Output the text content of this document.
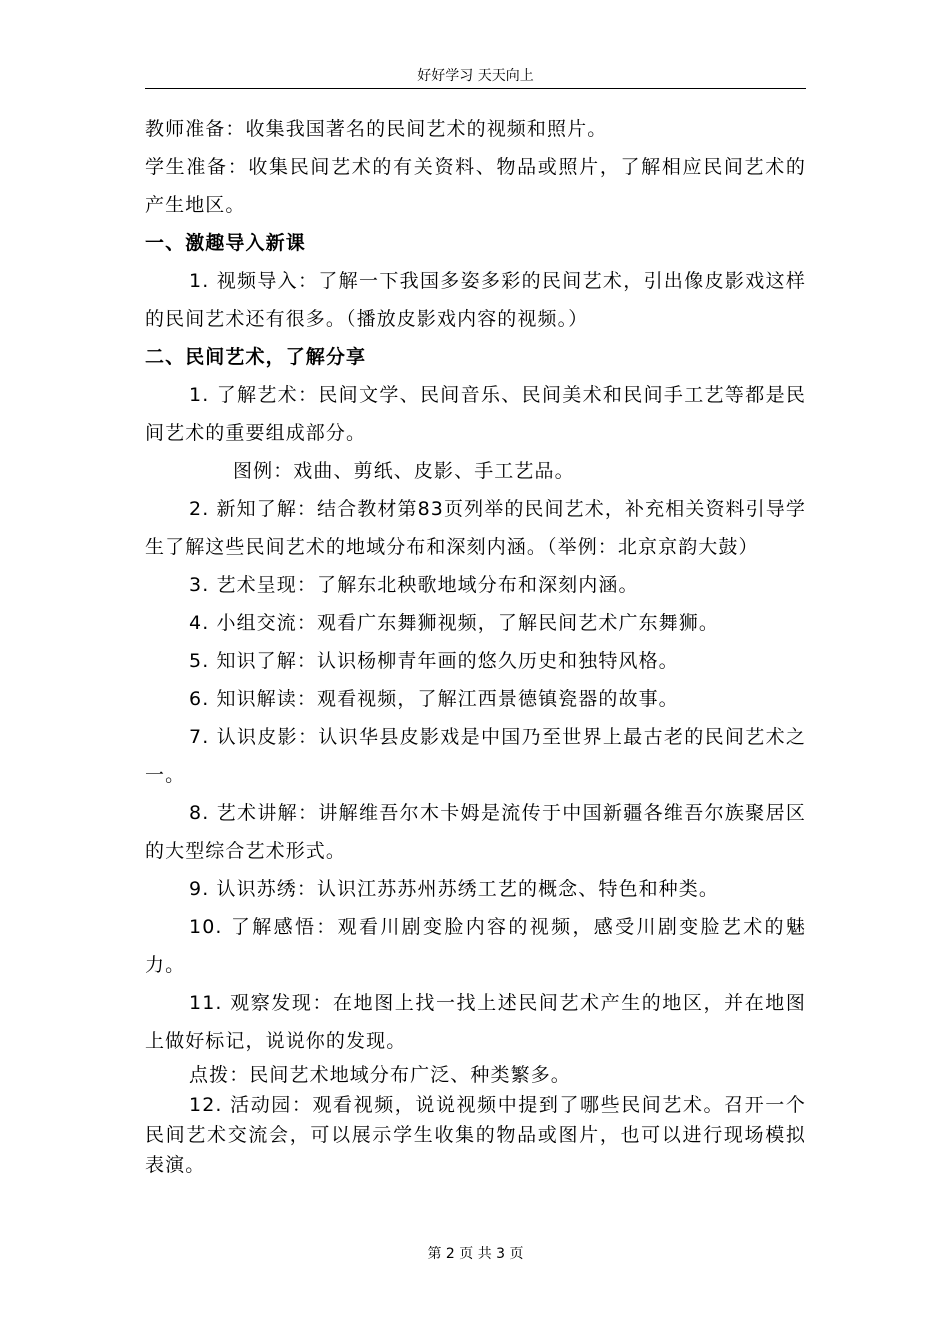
好好学习 天天向上

教师准备：收集我国著名的民间艺术的视频和照片。

学生准备：收集民间艺术的有关资料、物品或照片，了解相应民间艺术的产生地区。

一、激趣导入新课

1. 视频导入：了解一下我国多姿多彩的民间艺术，引出像皮影戏这样的民间艺术还有很多。（播放皮影戏内容的视频。）

二、民间艺术，了解分享

1. 了解艺术：民间文学、民间音乐、民间美术和民间手工艺等都是民间艺术的重要组成部分。

图例：戏曲、剪纸、皮影、手工艺品。

2. 新知了解：结合教材第83页列举的民间艺术，补充相关资料引导学生了解这些民间艺术的地域分布和深刻内涵。（举例：北京京韵大鼓）

3. 艺术呈现：了解东北秧歌地域分布和深刻内涵。

4. 小组交流：观看广东舞狮视频，了解民间艺术广东舞狮。

5. 知识了解：认识杨柳青年画的悠久历史和独特风格。

6. 知识解读：观看视频，了解江西景德镇瓷器的故事。

7. 认识皮影：认识华县皮影戏是中国乃至世界上最古老的民间艺术之一。

8. 艺术讲解：讲解维吾尔木卡姆是流传于中国新疆各维吾尔族聚居区的大型综合艺术形式。

9. 认识苏绣：认识江苏苏州苏绣工艺的概念、特色和种类。

10. 了解感悟：观看川剧变脸内容的视频，感受川剧变脸艺术的魅力。

11. 观察发现：在地图上找一找上述民间艺术产生的地区，并在地图上做好标记，说说你的发现。

点拨：民间艺术地域分布广泛、种类繁多。

12. 活动园：观看视频，说说视频中提到了哪些民间艺术。召开一个民间艺术交流会，可以展示学生收集的物品或图片，也可以进行现场模拟表演。

第 2 页 共 3 页
